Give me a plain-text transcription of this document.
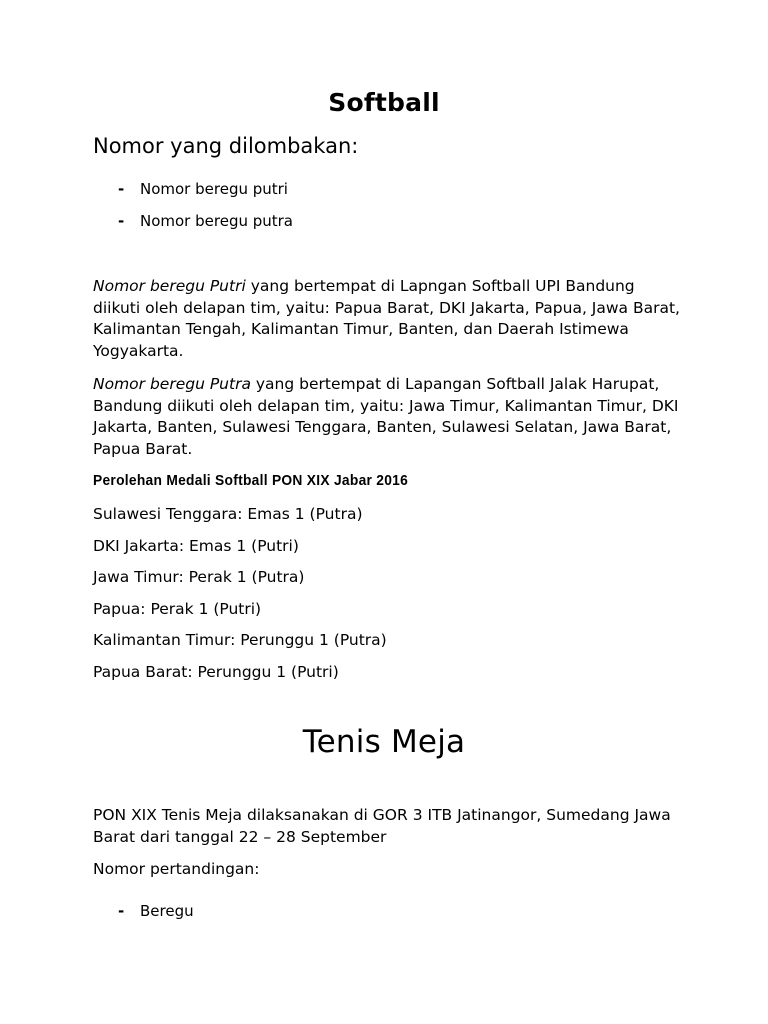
Softball
Nomor yang dilombakan:
- Nomor beregu putri
- Nomor beregu putra
Nomor beregu Putri yang bertempat di Lapngan Softball UPI Bandung diikuti oleh delapan tim, yaitu: Papua Barat, DKI Jakarta, Papua, Jawa Barat, Kalimantan Tengah, Kalimantan Timur, Banten, dan Daerah Istimewa Yogyakarta.
Nomor beregu Putra yang bertempat di Lapangan Softball Jalak Harupat, Bandung diikuti oleh delapan tim, yaitu: Jawa Timur, Kalimantan Timur, DKI Jakarta, Banten, Sulawesi Tenggara, Banten, Sulawesi Selatan, Jawa Barat, Papua Barat.
Perolehan Medali Softball PON XIX Jabar 2016
Sulawesi Tenggara: Emas 1 (Putra)
DKI Jakarta: Emas 1 (Putri)
Jawa Timur: Perak 1 (Putra)
Papua: Perak 1 (Putri)
Kalimantan Timur: Perunggu 1 (Putra)
Papua Barat: Perunggu 1 (Putri)
Tenis Meja
PON XIX Tenis Meja dilaksanakan di GOR 3 ITB Jatinangor, Sumedang Jawa Barat dari tanggal 22 – 28 September
Nomor pertandingan:
- Beregu
